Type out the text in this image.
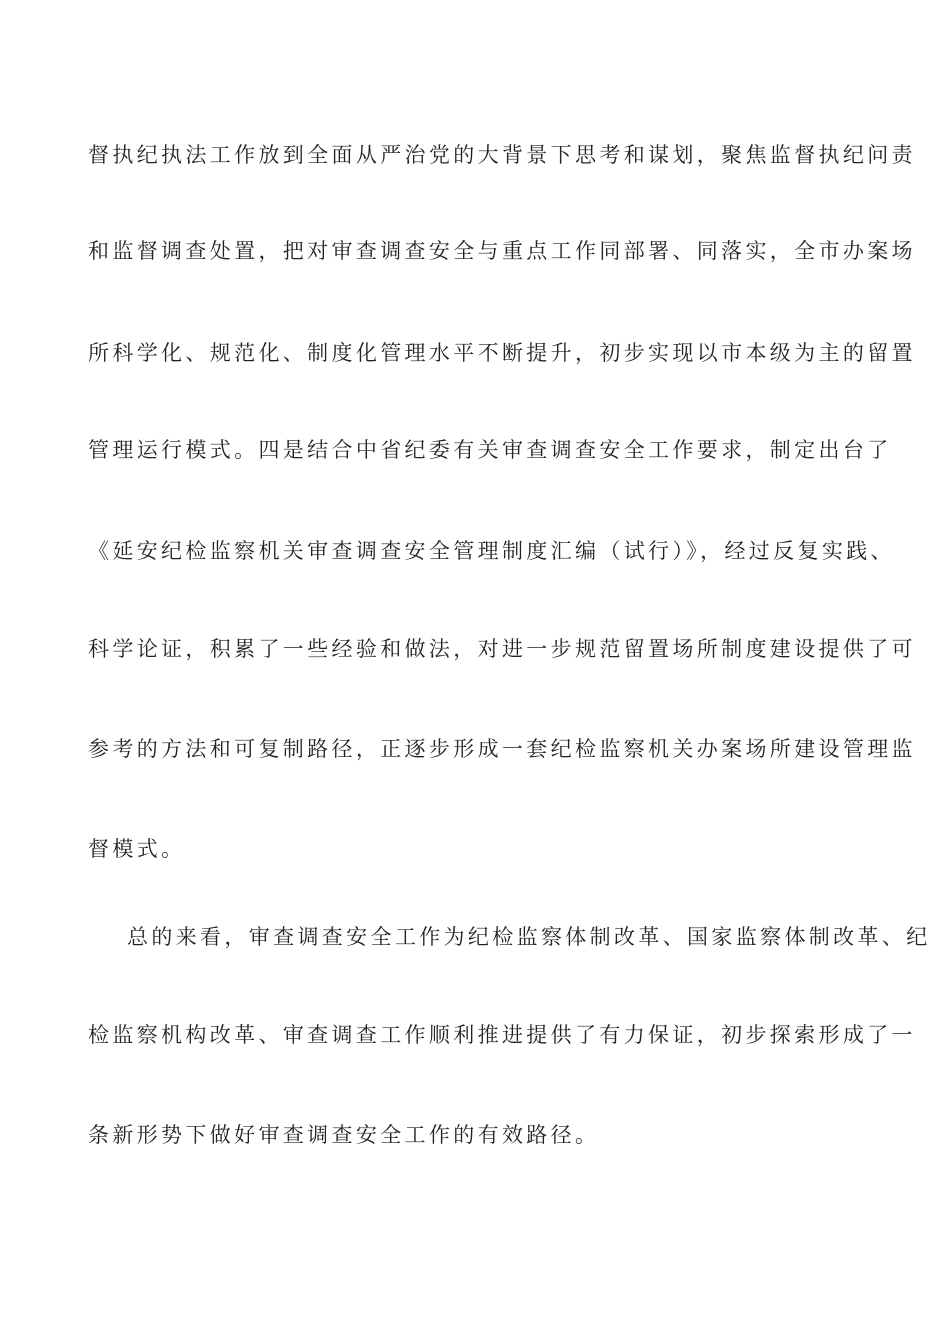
督执纪执法工作放到全面从严治党的大背景下思考和谋划，聚焦监督执纪问责
和监督调查处置，把对审查调查安全与重点工作同部署、同落实，全市办案场
所科学化、规范化、制度化管理水平不断提升，初步实现以市本级为主的留置
管理运行模式。四是结合中省纪委有关审查调查安全工作要求，制定出台了
《延安纪检监察机关审查调查安全管理制度汇编（试行）》，经过反复实践、
科学论证，积累了一些经验和做法，对进一步规范留置场所制度建设提供了可
参考的方法和可复制路径，正逐步形成一套纪检监察机关办案场所建设管理监
督模式。
总的来看，审查调查安全工作为纪检监察体制改革、国家监察体制改革、纪
检监察机构改革、审查调查工作顺利推进提供了有力保证，初步探索形成了一
条新形势下做好审查调查安全工作的有效路径。
